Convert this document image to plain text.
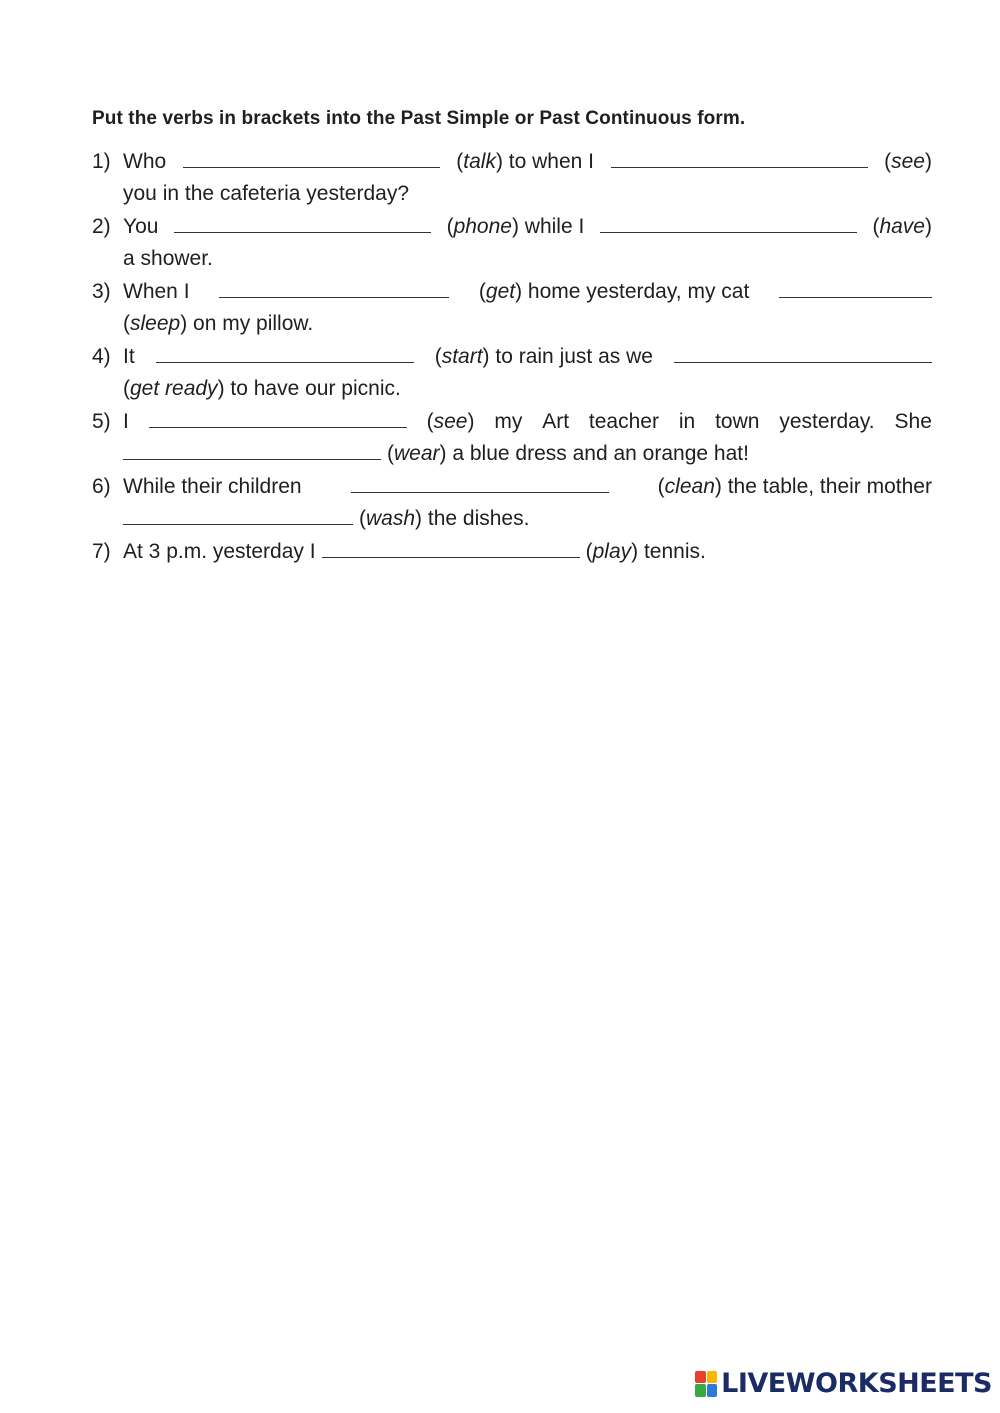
Put the verbs in brackets into the Past Simple or Past Continuous form.
1) Who	(talk) to when I	(see)
you in the cafeteria yesterday?
2) You	(phone) while I	(have)
a shower.
3) When I	(get) home yesterday, my cat
(sleep) on my pillow.
4) It	(start) to rain just as we
(get ready) to have our picnic.
5) I	(see) my Art teacher in town yesterday. She
(wear) a blue dress and an orange hat!
6) While their children	(clean) the table, their mother
(wash) the dishes.
7) At 3 p.m. yesterday I	(play) tennis.
LIVEWORKSHEETS
